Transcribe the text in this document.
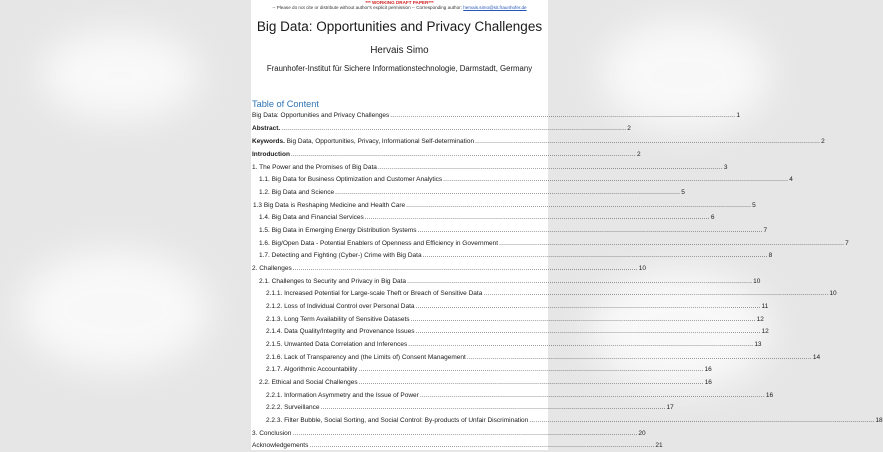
*** WORKING DRAFT PAPER***
-- Please do not cite or distribute without author's explicit permission -- Corresponding author: hervais.simo@sit.fraunhofer.de
Big Data: Opportunities and Privacy Challenges
Hervais Simo
Fraunhofer-Institut für Sichere Informationstechnologie, Darmstadt, Germany
Table of Content
Big Data: Opportunities and Privacy Challenges ............................................................................................................................................................................ 1
Abstract. ............................................................................................................................................................................ 2
Keywords. Big Data, Opportunities, Privacy, Informational Self-determination ............................................................................................................................................................................ 2
Introduction ............................................................................................................................................................................ 2
1. The Power and the Promises of Big Data ............................................................................................................................................................................ 3
1.1. Big Data for Business Optimization and Customer Analytics ............................................................................................................................................................................ 4
1.2. Big Data and Science ............................................................................................................................................................................ 5
1.3 Big Data is Reshaping Medicine and Health Care ............................................................................................................................................................................ 5
1.4. Big Data and Financial Services ............................................................................................................................................................................ 6
1.5. Big Data in Emerging Energy Distribution Systems ............................................................................................................................................................................ 7
1.6. Big/Open Data - Potential Enablers of Openness and Efficiency in Government ............................................................................................................................................................................ 7
1.7. Detecting and Fighting (Cyber-) Crime with Big Data ............................................................................................................................................................................ 8
2. Challenges ............................................................................................................................................................................ 10
2.1. Challenges to Security and Privacy in Big Data ............................................................................................................................................................................ 10
2.1.1. Increased Potential for Large-scale Theft or Breach of Sensitive Data ............................................................................................................................................................................ 10
2.1.2. Loss of Individual Control over Personal Data ............................................................................................................................................................................ 11
2.1.3. Long Term Availability of Sensitive Datasets ............................................................................................................................................................................ 12
2.1.4. Data Quality/Integrity and Provenance Issues ............................................................................................................................................................................ 12
2.1.5. Unwanted Data Correlation and Inferences ............................................................................................................................................................................ 13
2.1.6. Lack of Transparency and (the Limits of) Consent Management ............................................................................................................................................................................ 14
2.1.7. Algorithmic Accountability ............................................................................................................................................................................ 16
2.2. Ethical and Social Challenges ............................................................................................................................................................................ 16
2.2.1. Information Asymmetry and the Issue of Power ............................................................................................................................................................................ 16
2.2.2. Surveillance ............................................................................................................................................................................ 17
2.2.3. Filter Bubble, Social Sorting, and Social Control: By-products of Unfair Discrimination ............................................................................................................................................................................ 18
3. Conclusion ............................................................................................................................................................................ 20
Acknowledgements ............................................................................................................................................................................ 21
